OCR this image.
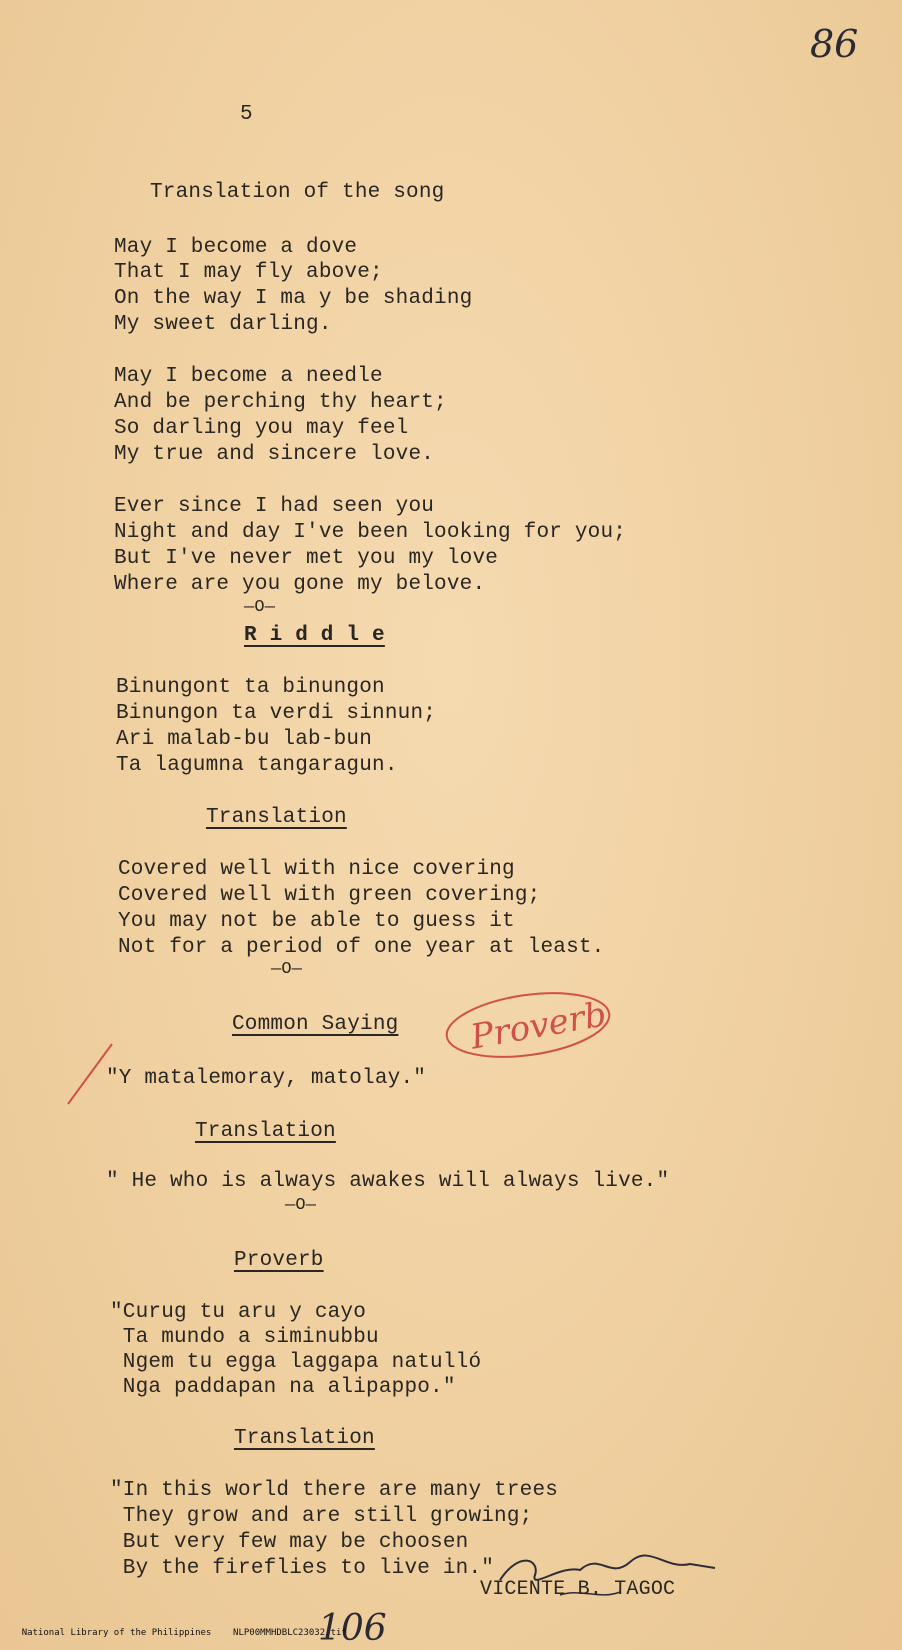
86
5
Translation of the song
May I become a dove
That I may fly above;
On the way I ma y be shading
My sweet darling.
May I become a needle
And be perching thy heart;
So darling you may feel
My true and sincere love.
Ever since I had seen you
Night and day I've been looking for you;
But I've never met you my love
Where are you gone my belove.
—O—
R i d d l e
Binungont ta binungon
Binungon ta verdi sinnun;
Ari malab-bu lab-bun
Ta lagumna tangaragun.
Translation
Covered well with nice covering
Covered well with green covering;
You may not be able to guess it
Not for a period of one year at least.
—O—
Common Saying
"Y matalemoray, matolay."
Translation
" He who is always awakes will always live."
—O—
Proverb
"Curug tu aru y cayo
Ta mundo a siminubbu
Ngem tu egga laggapa natulló
Nga paddapan na alipappo."
Translation
"In this world there are many trees
They grow and are still growing;
But very few may be choosen
By the fireflies to live in."
VICENTE B. TAGOC
Proverb
106

National Library of the Philippines NLP00MMHDBLC23032.tif
